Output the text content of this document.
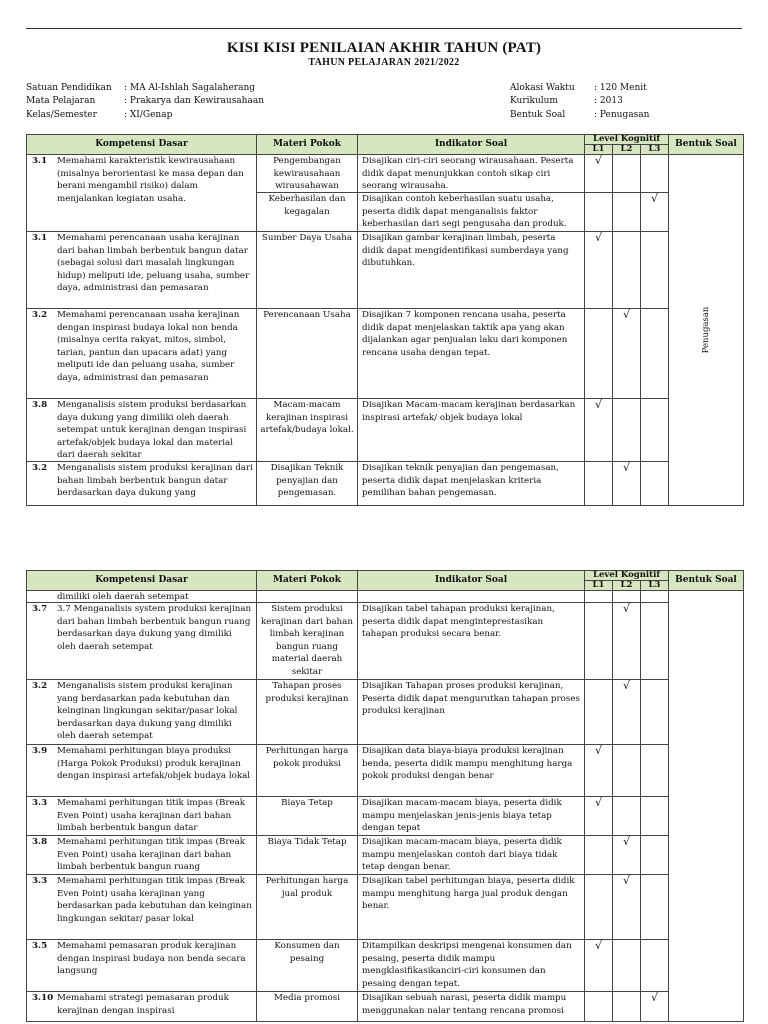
KISI KISI PENILAIAN AKHIR TAHUN (PAT)
TAHUN PELAJARAN 2021/2022
Satuan Pendidikan	: MA Al-Ishlah Sagalaherang
Mata Pelajaran	: Prakarya dan Kewirausahaan
Kelas/Semester	: XI/Genap
Alokasi Waktu	: 120 Menit
Kurikulum	: 2013
Bentuk Soal	: Penugasan
Kompetensi Dasar	Materi Pokok	Indikator Soal	Level Kognitif			Bentuk Soal
			L1	L2	L3	

3.1 Memahami karakteristik kewirausahaan (misalnya berorientasi ke masa depan dan berani mengambil risiko) dalam menjalankan kegiatan usaha.	Pengembangan kewirausahaan wirausahawan	Disajikan ciri-ciri seorang wirausahaan. Peserta didik dapat menunjukkan contoh sikap ciri seorang wirausaha.	√			Penugasan

	Keberhasilan dan kegagalan	Disajikan contoh keberhasilan suatu usaha, peserta didik dapat menganalisis faktor keberhasilan dari segi pengusaha dan produk.			√	

3.1 Memahami perencanaan usaha kerajinan dari bahan limbah berbentuk bangun datar (sebagai solusi dari masalah lingkungan hidup) meliputi ide, peluang usaha, sumber daya, administrasi dan pemasaran	Sumber Daya Usaha	Disajikan gambar kerajinan limbah, peserta didik dapat mengidentifikasi sumberdaya yang dibutuhkan.	√			

3.2 Memahami perencanaan usaha kerajinan dengan inspirasi budaya lokal non benda (misalnya cerita rakyat, mitos, simbol, tarian, pantun dan upacara adat) yang meliputi ide dan peluang usaha, sumber daya, administrasi dan pemasaran	Perencanaan Usaha	Disajikan 7 komponen rencana usaha, peserta didik dapat menjelaskan taktik apa yang akan dijalankan agar penjualan laku dari komponen rencana usaha dengan tepat.		√		

3.8 Menganalisis sistem produksi berdasarkan daya dukung yang dimiliki oleh daerah setempat untuk kerajinan dengan inspirasi artefak/objek budaya lokal dan material dari daerah sekitar	Macam-macam kerajinan inspirasi artefak/budaya lokal.	Disajikan Macam-macam kerajinan berdasarkan inspirasi artefak/ objek budaya lokal	√			

3.2 Menganalisis sistem produksi kerajinan dari bahan limbah berbentuk bangun datar berdasarkan daya dukung yang	Disajikan Teknik penyajian dan pengemasan.	Disajikan teknik penyajian dan pengemasan, peserta didik dapat menjelaskan kriteria pemilihan bahan pengemasan.		√		
Kompetensi Dasar	Materi Pokok	Indikator Soal	Level Kognitif			Bentuk Soal
			L1	L2	L3	

dimiliki oleh daerah setempat						

3.7 3.7 Menganalisis system produksi kerajinan dari bahan limbah berbentuk bangun ruang berdasarkan daya dukung yang dimiliki oleh daerah setempat	Sistem produksi kerajinan dari bahan limbah kerajinan bangun ruang material daerah sekitar	Disajikan tabel tahapan produksi kerajinan, peserta didik dapat menginteprestasikan tahapan produksi secara benar.		√		

3.2 Menganalisis sistem produksi kerajinan yang berdasarkan pada kebutuhan dan keinginan lingkungan sekitar/pasar lokal berdasarkan daya dukung yang dimiliki oleh daerah setempat	Tahapan proses produksi kerajinan	Disajikan Tahapan proses produksi kerajinan, Peserta didik dapat mengurutkan tahapan proses produksi kerajinan		√		

3.9 Memahami perhitungan biaya produksi (Harga Pokok Produksi) produk kerajinan dengan inspirasi artefak/objek budaya lokal	Perhitungan harga pokok produksi	Disajikan data biaya-biaya produksi kerajinan benda, peserta didik mampu menghitung harga pokok produksi dengan benar	√			

3.3 Memahami perhitungan titik impas (Break Even Point) usaha kerajinan dari bahan limbah berbentuk bangun datar	Biaya Tetap	Disajikan macam-macam biaya, peserta didik mampu menjelaskan jenis-jenis biaya tetap dengan tepat	√			

3.8 Memahami perhitungan titik impas (Break Even Point) usaha kerajinan dari bahan limbah berbentuk bangun ruang	Biaya Tidak Tetap	Disajikan macam-macam biaya, peserta didik mampu menjelaskan contoh dari biaya tidak tetap dengan benar.		√		

3.3 Memahami perhitungan titik impas (Break Even Point) usaha kerajinan yang berdasarkan pada kebutuhan dan keinginan lingkungan sekitar/ pasar lokal	Perhitungan harga jual produk	Disajikan tabel perhitungan biaya, peserta didik mampu menghitung harga jual produk dengan benar.		√		

3.5 Memahami pemasaran produk kerajinan dengan inspirasi budaya non benda secara langsung	Konsumen dan pesaing	Ditampilkan deskripsi mengenai konsumen dan pesaing, peserta didik mampu mengklasifikasikanciri-ciri konsumen dan pesaing dengan tepat.	√			

3.10 Memahami strategi pemasaran produk kerajinan dengan inspirasi	Media promosi	Disajikan sebuah narasi, peserta didik mampu menggunakan nalar tentang rencana promosi			√	
